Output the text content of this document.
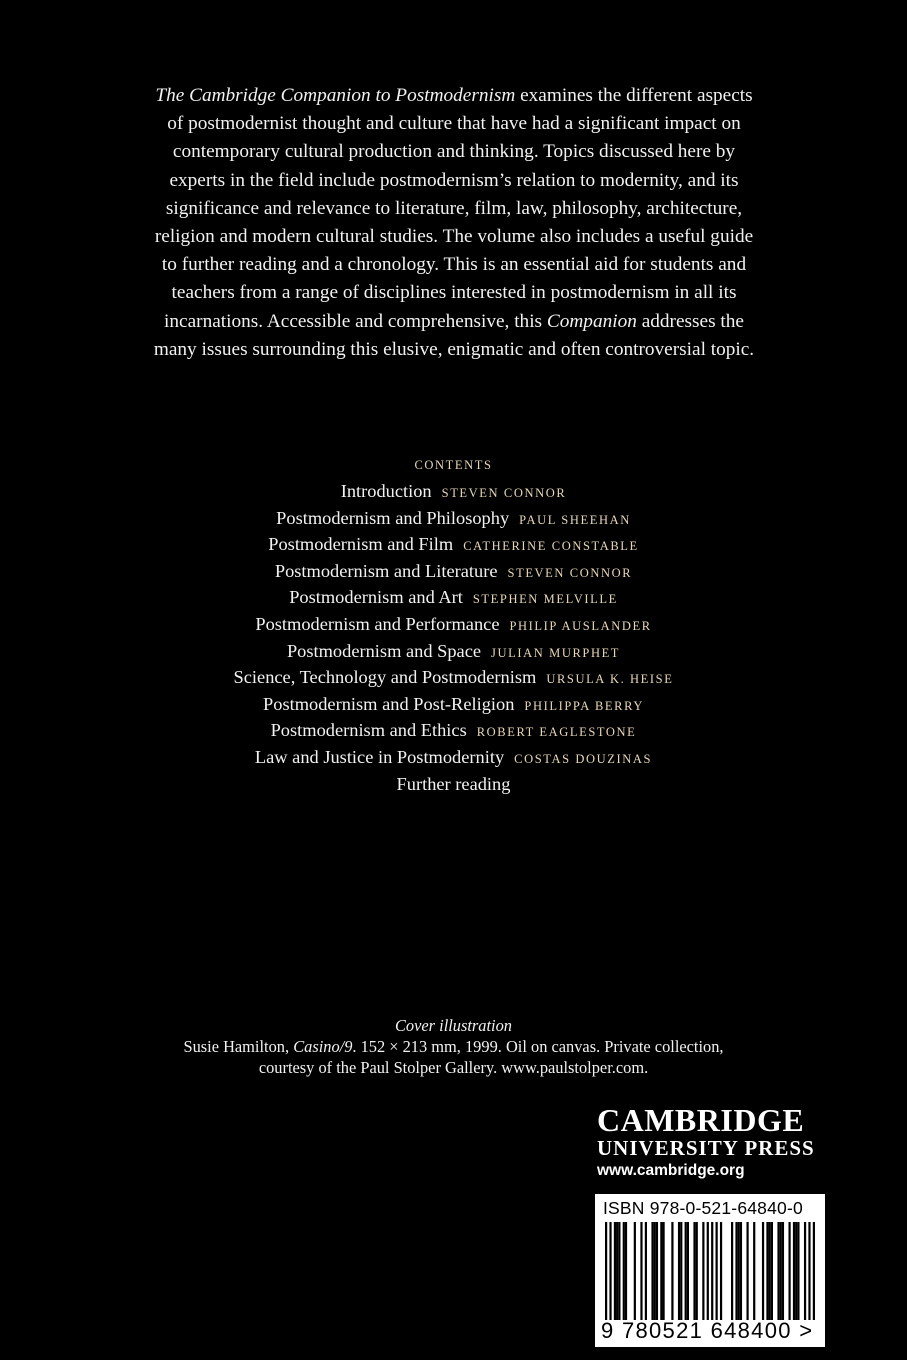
The Cambridge Companion to Postmodernism examines the different aspects of postmodernist thought and culture that have had a significant impact on contemporary cultural production and thinking. Topics discussed here by experts in the field include postmodernism’s relation to modernity, and its significance and relevance to literature, film, law, philosophy, architecture, religion and modern cultural studies. The volume also includes a useful guide to further reading and a chronology. This is an essential aid for students and teachers from a range of disciplines interested in postmodernism in all its incarnations. Accessible and comprehensive, this Companion addresses the many issues surrounding this elusive, enigmatic and often controversial topic.
CONTENTS
Introduction STEVEN CONNOR
Postmodernism and Philosophy PAUL SHEEHAN
Postmodernism and Film CATHERINE CONSTABLE
Postmodernism and Literature STEVEN CONNOR
Postmodernism and Art STEPHEN MELVILLE
Postmodernism and Performance PHILIP AUSLANDER
Postmodernism and Space JULIAN MURPHET
Science, Technology and Postmodernism URSULA K. HEISE
Postmodernism and Post-Religion PHILIPPA BERRY
Postmodernism and Ethics ROBERT EAGLESTONE
Law and Justice in Postmodernity COSTAS DOUZINAS
Further reading
Cover illustration
Susie Hamilton, Casino/9. 152 × 213 mm, 1999. Oil on canvas. Private collection,
courtesy of the Paul Stolper Gallery. www.paulstolper.com.
CAMBRIDGE
UNIVERSITY PRESS
www.cambridge.org
ISBN 978-0-521-64840-0
9 780521 648400 >
